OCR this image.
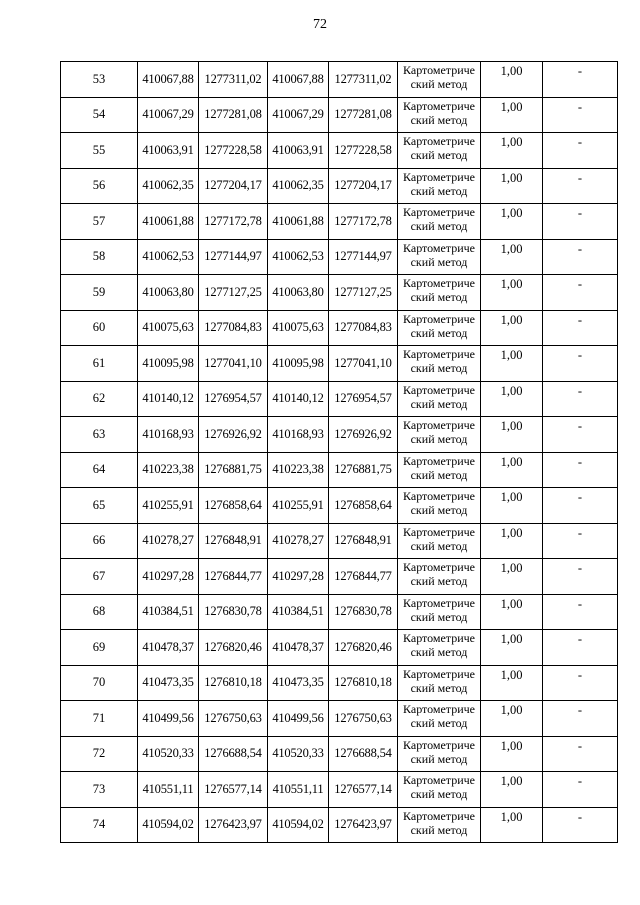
72
53	410067,88	1277311,02	410067,88	1277311,02	Картометриче
ский метод	1,00	-
54	410067,29	1277281,08	410067,29	1277281,08	Картометриче
ский метод	1,00	-
55	410063,91	1277228,58	410063,91	1277228,58	Картометриче
ский метод	1,00	-
56	410062,35	1277204,17	410062,35	1277204,17	Картометриче
ский метод	1,00	-
57	410061,88	1277172,78	410061,88	1277172,78	Картометриче
ский метод	1,00	-
58	410062,53	1277144,97	410062,53	1277144,97	Картометриче
ский метод	1,00	-
59	410063,80	1277127,25	410063,80	1277127,25	Картометриче
ский метод	1,00	-
60	410075,63	1277084,83	410075,63	1277084,83	Картометриче
ский метод	1,00	-
61	410095,98	1277041,10	410095,98	1277041,10	Картометриче
ский метод	1,00	-
62	410140,12	1276954,57	410140,12	1276954,57	Картометриче
ский метод	1,00	-
63	410168,93	1276926,92	410168,93	1276926,92	Картометриче
ский метод	1,00	-
64	410223,38	1276881,75	410223,38	1276881,75	Картометриче
ский метод	1,00	-
65	410255,91	1276858,64	410255,91	1276858,64	Картометриче
ский метод	1,00	-
66	410278,27	1276848,91	410278,27	1276848,91	Картометриче
ский метод	1,00	-
67	410297,28	1276844,77	410297,28	1276844,77	Картометриче
ский метод	1,00	-
68	410384,51	1276830,78	410384,51	1276830,78	Картометриче
ский метод	1,00	-
69	410478,37	1276820,46	410478,37	1276820,46	Картометриче
ский метод	1,00	-
70	410473,35	1276810,18	410473,35	1276810,18	Картометриче
ский метод	1,00	-
71	410499,56	1276750,63	410499,56	1276750,63	Картометриче
ский метод	1,00	-
72	410520,33	1276688,54	410520,33	1276688,54	Картометриче
ский метод	1,00	-
73	410551,11	1276577,14	410551,11	1276577,14	Картометриче
ский метод	1,00	-
74	410594,02	1276423,97	410594,02	1276423,97	Картометриче
ский метод	1,00	-
